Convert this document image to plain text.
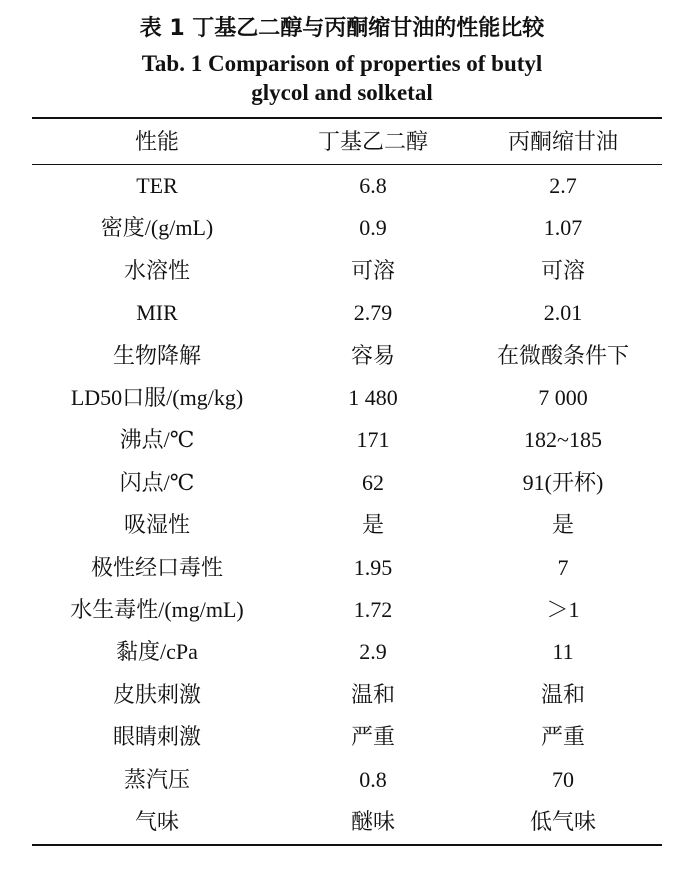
表 1 丁基乙二醇与丙酮缩甘油的性能比较
Tab. 1 Comparison of properties of butyl
glycol and solketal
性能	丁基乙二醇	丙酮缩甘油
TER	6.8	2.7
密度/(g/mL)	0.9	1.07
水溶性	可溶	可溶
MIR	2.79	2.01
生物降解	容易	在微酸条件下
LD50口服/(mg/kg)	1 480	7 000
沸点/℃	171	182~185
闪点/℃	62	91(开杯)
吸湿性	是	是
极性经口毒性	1.95	7
水生毒性/(mg/mL)	1.72	＞1
黏度/cPa	2.9	11
皮肤刺激	温和	温和
眼睛刺激	严重	严重
蒸汽压	0.8	70
气味	醚味	低气味
